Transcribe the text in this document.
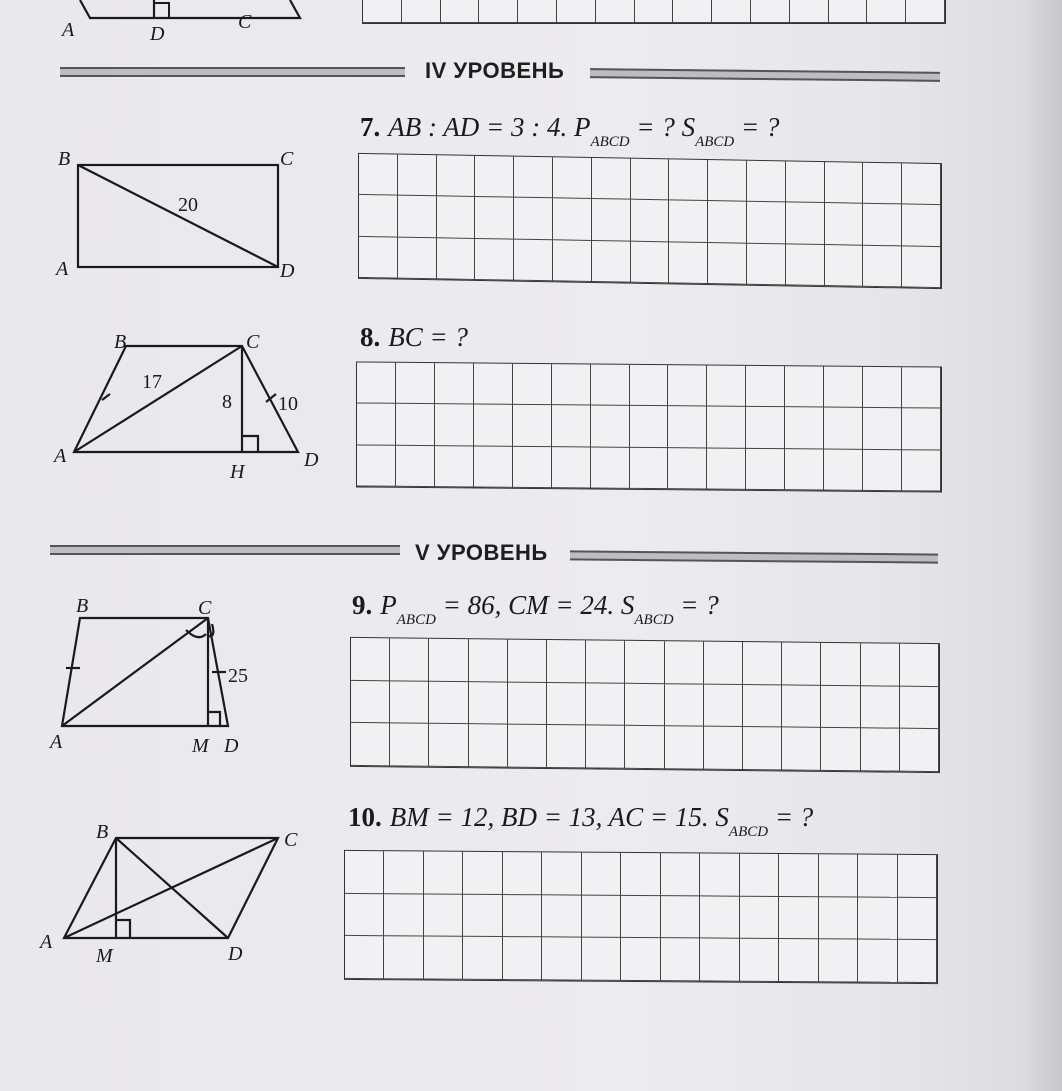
A	D
C
IV УРОВЕНЬ
7. AB : AD = 3 : 4. $P_{ABCD}$ = ? $S_{ABCD}$ = ?
B	C
A	D
20
8. BC = ?
B	C
A	D
H
17
8 10
V УРОВЕНЬ
9. $P_{ABCD} = 86$, CM = 24. $S_{ABCD}$ = ?
B	C
A	M D
25
10. BM = 12, BD = 13, AC = 15. $S_{ABCD}$ = ?
B	C
A
M	D
